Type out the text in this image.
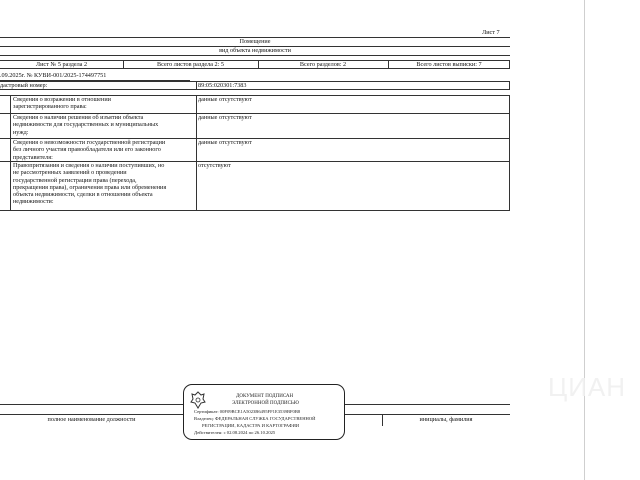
Лист 7
Помещение
вид объекта недвижимости
Лист № 5 раздела 2	Всего листов раздела 2: 5	Всего разделов: 2	Всего листов выписки: 7
.09.2025г. № КУВИ-001/2025-174497751
дастровый номер:	89:05:020301:7383
Сведения о возражении в отношении
зарегистрированного права:
данные отсутствуют
Сведения о наличии решения об изъятии объекта
недвижимости для государственных и муниципальных
нужд:
данные отсутствуют
Сведения о невозможности государственной регистрации
без личного участия правообладателя или его законного
представителя:
данные отсутствуют
Правопритязания и сведения о наличии поступивших, но
не рассмотренных заявлений о проведении
государственной регистрации права (перехода,
прекращения права), ограничения права или обременения
объекта недвижимости, сделки в отношении объекта
недвижимости:
отсутствуют
полное наименование должности	инициалы, фамилия
ДОКУМЕНТ ПОДПИСАН
ЭЛЕКТРОННОЙ ПОДПИСЬЮ
Сертификат: 00F09BCE1A5023B6495FF1E3539BF0B8
Владелец: ФЕДЕРАЛЬНАЯ СЛУЖБА ГОСУДАРСТВЕННОЙ
РЕГИСТРАЦИИ, КАДАСТРА И КАРТОГРАФИИ
Действителен: с 02.08.2024 по 26.10.2025
ЦИАН
